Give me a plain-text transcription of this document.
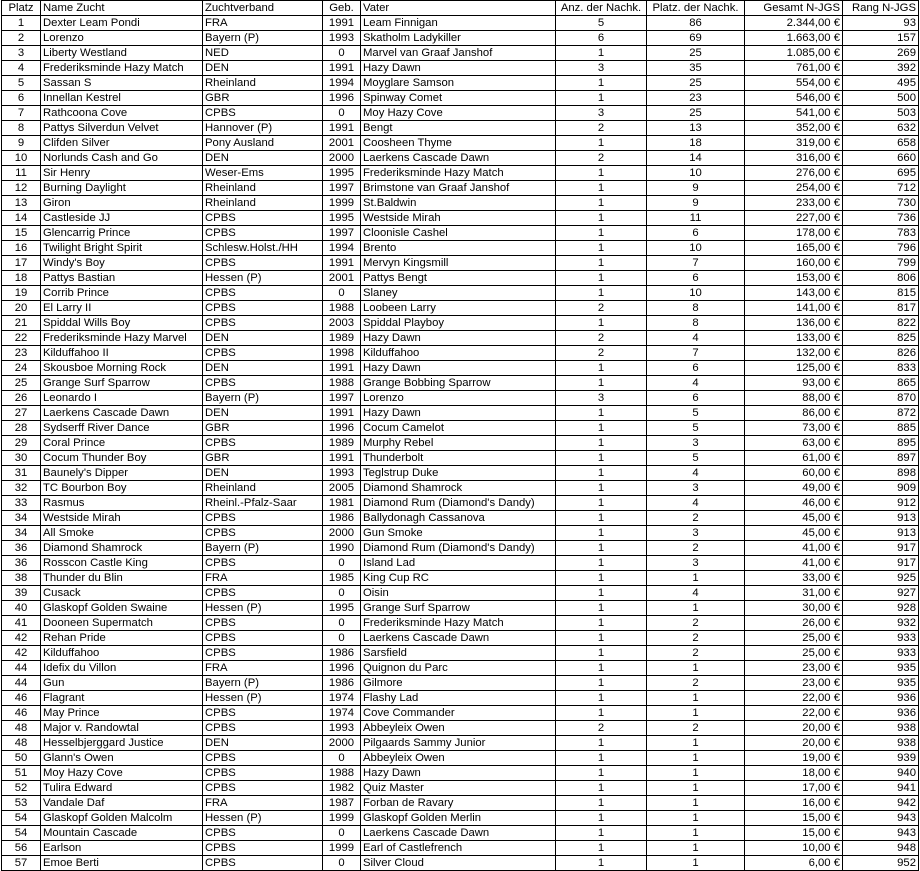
Platz	Name Zucht	Zuchtverband	Geb.	Vater	Anz. der Nachk.	Platz. der Nachk.	Gesamt N-JGS	Rang N-JGS
1	Dexter Leam Pondi	FRA	1991	Leam Finnigan	5	86	2.344,00 €	93
2	Lorenzo	Bayern (P)	1993	Skatholm Ladykiller	6	69	1.663,00 €	157
3	Liberty Westland	NED	0	Marvel van Graaf Janshof	1	25	1.085,00 €	269
4	Frederiksminde Hazy Match	DEN	1991	Hazy Dawn	3	35	761,00 €	392
5	Sassan S	Rheinland	1994	Moyglare Samson	1	25	554,00 €	495
6	Innellan Kestrel	GBR	1996	Spinway Comet	1	23	546,00 €	500
7	Rathcoona Cove	CPBS	0	Moy Hazy Cove	3	25	541,00 €	503
8	Pattys Silverdun Velvet	Hannover (P)	1991	Bengt	2	13	352,00 €	632
9	Clifden Silver	Pony Ausland	2001	Coosheen Thyme	1	18	319,00 €	658
10	Norlunds Cash and Go	DEN	2000	Laerkens Cascade Dawn	2	14	316,00 €	660
11	Sir Henry	Weser-Ems	1995	Frederiksminde Hazy Match	1	10	276,00 €	695
12	Burning Daylight	Rheinland	1997	Brimstone van Graaf Janshof	1	9	254,00 €	712
13	Giron	Rheinland	1999	St.Baldwin	1	9	233,00 €	730
14	Castleside JJ	CPBS	1995	Westside Mirah	1	11	227,00 €	736
15	Glencarrig Prince	CPBS	1997	Cloonisle Cashel	1	6	178,00 €	783
16	Twilight Bright Spirit	Schlesw.Holst./HH	1994	Brento	1	10	165,00 €	796
17	Windy's Boy	CPBS	1991	Mervyn Kingsmill	1	7	160,00 €	799
18	Pattys Bastian	Hessen (P)	2001	Pattys Bengt	1	6	153,00 €	806
19	Corrib Prince	CPBS	0	Slaney	1	10	143,00 €	815
20	El Larry II	CPBS	1988	Loobeen Larry	2	8	141,00 €	817
21	Spiddal Wills Boy	CPBS	2003	Spiddal Playboy	1	8	136,00 €	822
22	Frederiksminde Hazy Marvel	DEN	1989	Hazy Dawn	2	4	133,00 €	825
23	Kilduffahoo II	CPBS	1998	Kilduffahoo	2	7	132,00 €	826
24	Skousboe Morning Rock	DEN	1991	Hazy Dawn	1	6	125,00 €	833
25	Grange Surf Sparrow	CPBS	1988	Grange Bobbing Sparrow	1	4	93,00 €	865
26	Leonardo I	Bayern (P)	1997	Lorenzo	3	6	88,00 €	870
27	Laerkens Cascade Dawn	DEN	1991	Hazy Dawn	1	5	86,00 €	872
28	Sydserff River Dance	GBR	1996	Cocum Camelot	1	5	73,00 €	885
29	Coral Prince	CPBS	1989	Murphy Rebel	1	3	63,00 €	895
30	Cocum Thunder Boy	GBR	1991	Thunderbolt	1	5	61,00 €	897
31	Baunely's Dipper	DEN	1993	Teglstrup Duke	1	4	60,00 €	898
32	TC Bourbon Boy	Rheinland	2005	Diamond Shamrock	1	3	49,00 €	909
33	Rasmus	Rheinl.-Pfalz-Saar	1981	Diamond Rum (Diamond's Dandy)	1	4	46,00 €	912
34	Westside Mirah	CPBS	1986	Ballydonagh Cassanova	1	2	45,00 €	913
34	All Smoke	CPBS	2000	Gun Smoke	1	3	45,00 €	913
36	Diamond Shamrock	Bayern (P)	1990	Diamond Rum (Diamond's Dandy)	1	2	41,00 €	917
36	Rosscon Castle King	CPBS	0	Island Lad	1	3	41,00 €	917
38	Thunder du Blin	FRA	1985	King Cup RC	1	1	33,00 €	925
39	Cusack	CPBS	0	Oisin	1	4	31,00 €	927
40	Glaskopf Golden Swaine	Hessen (P)	1995	Grange Surf Sparrow	1	1	30,00 €	928
41	Dooneen Supermatch	CPBS	0	Frederiksminde Hazy Match	1	2	26,00 €	932
42	Rehan Pride	CPBS	0	Laerkens Cascade Dawn	1	2	25,00 €	933
42	Kilduffahoo	CPBS	1986	Sarsfield	1	2	25,00 €	933
44	Idefix du Villon	FRA	1996	Quignon du Parc	1	1	23,00 €	935
44	Gun	Bayern (P)	1986	Gilmore	1	2	23,00 €	935
46	Flagrant	Hessen (P)	1974	Flashy Lad	1	1	22,00 €	936
46	May Prince	CPBS	1974	Cove Commander	1	1	22,00 €	936
48	Major v. Randowtal	CPBS	1993	Abbeyleix Owen	2	2	20,00 €	938
48	Hesselbjerggard Justice	DEN	2000	Pilgaards Sammy Junior	1	1	20,00 €	938
50	Glann's Owen	CPBS	0	Abbeyleix Owen	1	1	19,00 €	939
51	Moy Hazy Cove	CPBS	1988	Hazy Dawn	1	1	18,00 €	940
52	Tulira Edward	CPBS	1982	Quiz Master	1	1	17,00 €	941
53	Vandale Daf	FRA	1987	Forban de Ravary	1	1	16,00 €	942
54	Glaskopf Golden Malcolm	Hessen (P)	1999	Glaskopf Golden Merlin	1	1	15,00 €	943
54	Mountain Cascade	CPBS	0	Laerkens Cascade Dawn	1	1	15,00 €	943
56	Earlson	CPBS	1999	Earl of Castlefrench	1	1	10,00 €	948
57	Emoe Berti	CPBS	0	Silver Cloud	1	1	6,00 €	952
